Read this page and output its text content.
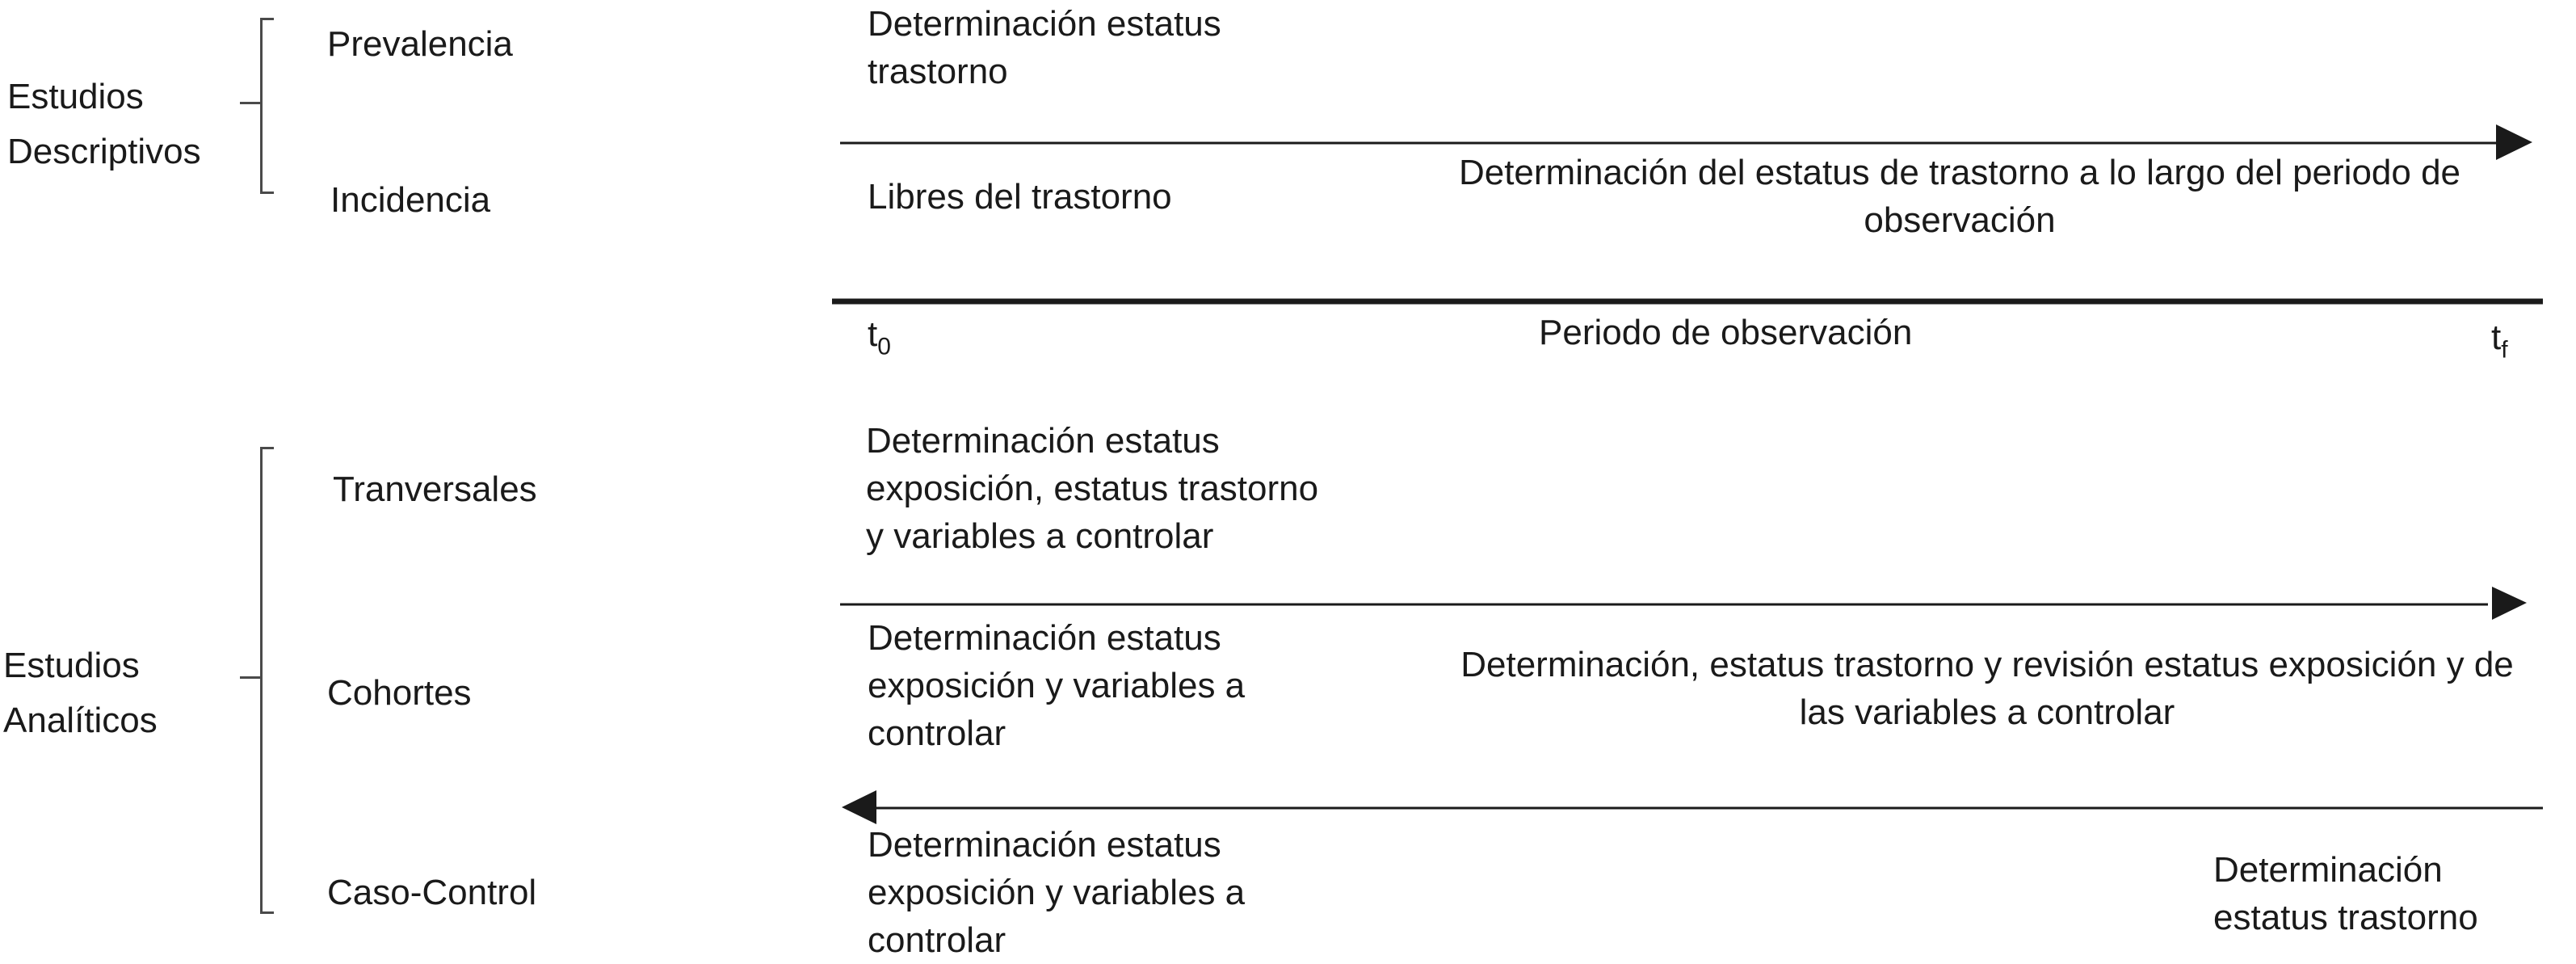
Estudios
Descriptivos

Prevalencia

Incidencia

Determinación estatus
trastorno

Libres del trastorno

Determinación del estatus de trastorno a lo largo del periodo de
observación

$t_0$	Periodo de observación	$t_f$

Estudios
Analíticos

Tranversales

Cohortes

Caso-Control

Determinación estatus
exposición, estatus trastorno
y variables a controlar

Determinación estatus
exposición y variables a
controlar

Determinación, estatus trastorno y revisión estatus exposición y de
las variables a controlar

Determinación estatus
exposición y variables a
controlar

Determinación
estatus trastorno
